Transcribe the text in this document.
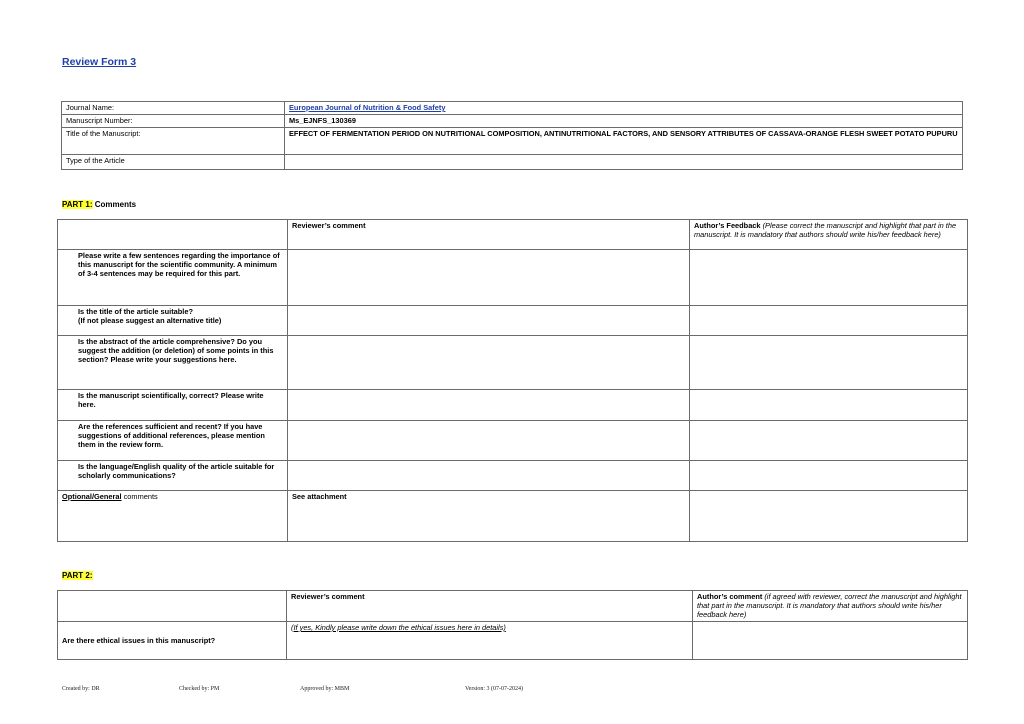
Review Form 3
Journal Name:	European Journal of Nutrition & Food Safety
Manuscript Number:	Ms_EJNFS_130369
Title of the Manuscript:	EFFECT OF FERMENTATION PERIOD ON NUTRITIONAL COMPOSITION, ANTINUTRITIONAL FACTORS, AND SENSORY ATTRIBUTES OF CASSAVA-ORANGE FLESH SWEET POTATO PUPURU
Type of the Article	
PART 1: Comments
	Reviewer’s comment	Author’s Feedback (Please correct the manuscript and highlight that part in the manuscript. It is mandatory that authors should write his/her feedback here)
Please write a few sentences regarding the importance of this manuscript for the scientific community. A minimum of 3-4 sentences may be required for this part.		
Is the title of the article suitable?
(If not please suggest an alternative title)		
Is the abstract of the article comprehensive? Do you suggest the addition (or deletion) of some points in this section? Please write your suggestions here.		
Is the manuscript scientifically, correct? Please write here.		
Are the references sufficient and recent? If you have suggestions of additional references, please mention them in the review form.		
Is the language/English quality of the article suitable for scholarly communications?		
Optional/General comments	See attachment	
PART 2:
	Reviewer’s comment	Author’s comment (if agreed with reviewer, correct the manuscript and highlight that part in the manuscript. It is mandatory that authors should write his/her feedback here)
Are there ethical issues in this manuscript?	(If yes, Kindly please write down the ethical issues here in details)	
Created by: DR	Checked by: PM	Approved by: MBM	Version: 3 (07-07-2024)
